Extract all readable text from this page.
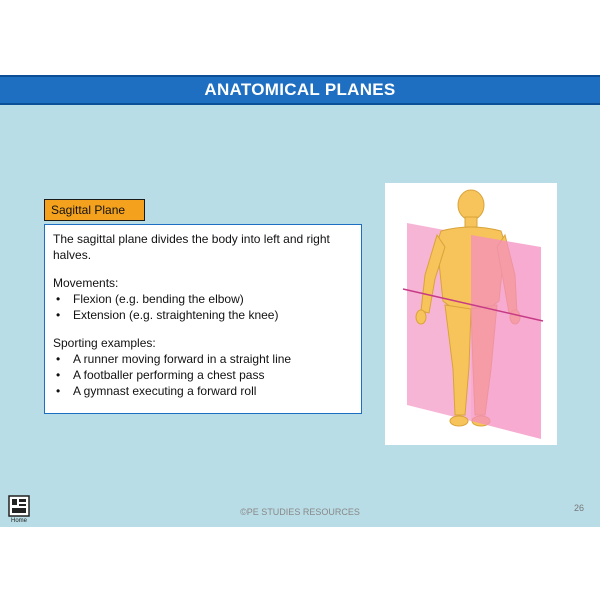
ANATOMICAL PLANES
Sagittal Plane

The sagittal plane divides the body into left and right halves.

Movements:

• Flexion (e.g. bending the elbow)
• Extension (e.g. straightening the knee)

Sporting examples:

• A runner moving forward in a straight line
• A footballer performing a chest pass
• A gymnast executing a forward roll
©PE STUDIES RESOURCES	26
Home
